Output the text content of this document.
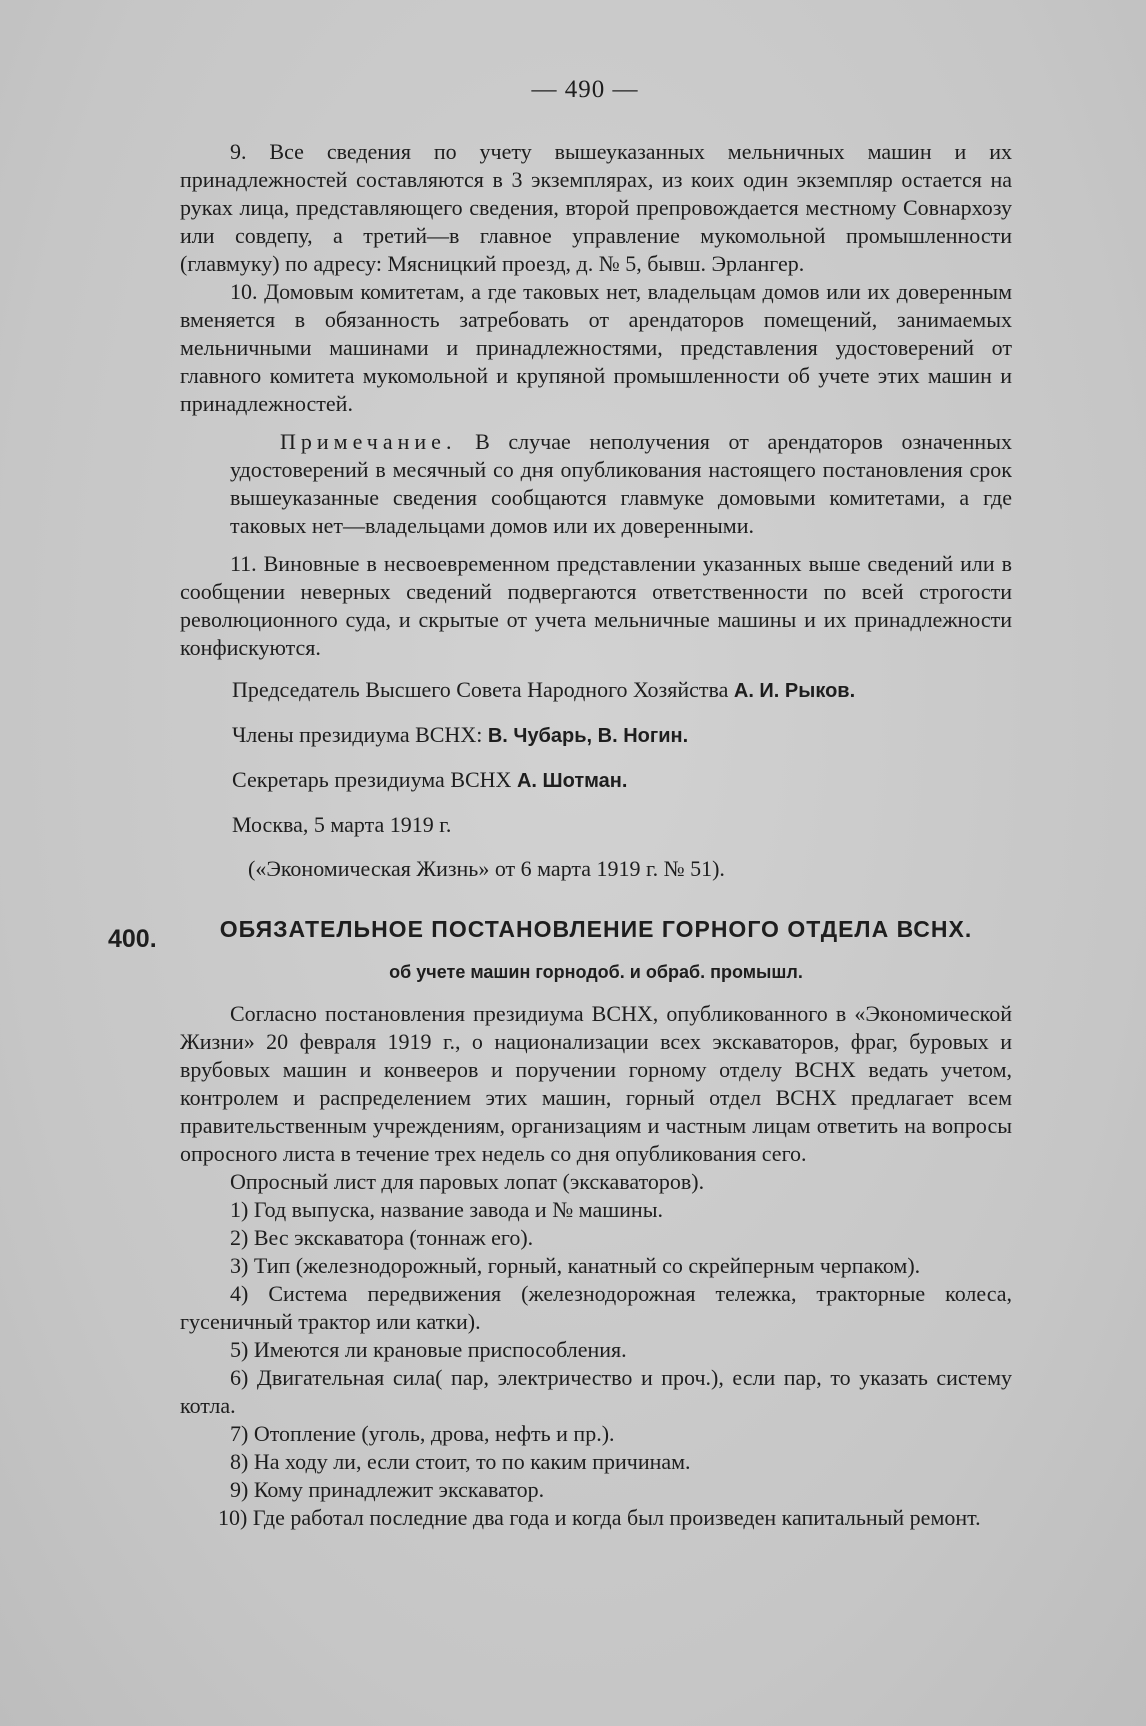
— 490 —

9. Все сведения по учету вышеуказанных мельничных машин и их принадлежностей составляются в 3 экземплярах, из коих один экземпляр остается на руках лица, представляющего сведения, второй препровождается местному Совнархозу или совдепу, а третий—в главное управление мукомольной промышленности (главмуку) по адресу: Мясницкий проезд, д. № 5, бывш. Эрлангер.

10. Домовым комитетам, а где таковых нет, владельцам домов или их доверенным вменяется в обязанность затребовать от арендаторов помещений, занимаемых мельничными машинами и принадлежностями, представления удостоверений от главного комитета мукомольной и крупяной промышленности об учете этих машин и принадлежностей.

Примечание. В случае неполучения от арендаторов означенных удостоверений в месячный со дня опубликования настоящего постановления срок вышеуказанные сведения сообщаются главмуке домовыми комитетами, а где таковых нет—владельцами домов или их доверенными.

11. Виновные в несвоевременном представлении указанных выше сведений или в сообщении неверных сведений подвергаются ответственности по всей строгости революционного суда, и скрытые от учета мельничные машины и их принадлежности конфискуются.

Председатель Высшего Совета Народного Хозяйства А. И. Рыков.

Члены президиума ВСНХ: В. Чубарь, В. Ногин.

Секретарь президиума ВСНХ А. Шотман.

Москва, 5 марта 1919 г.

(«Экономическая Жизнь» от 6 марта 1919 г. № 51).

400.	ОБЯЗАТЕЛЬНОЕ ПОСТАНОВЛЕНИЕ ГОРНОГО ОТДЕЛА ВСНХ.
об учете машин горнодоб. и обраб. промышл.

Согласно постановления президиума ВСНХ, опубликованного в «Экономической Жизни» 20 февраля 1919 г., о национализации всех экскаваторов, фраг, буровых и врубовых машин и конвееров и поручении горному отделу ВСНХ ведать учетом, контролем и распределением этих машин, горный отдел ВСНХ предлагает всем правительственным учреждениям, организациям и частным лицам ответить на вопросы опросного листа в течение трех недель со дня опубликования сего.

Опросный лист для паровых лопат (экскаваторов).

1) Год выпуска, название завода и № машины.

2) Вес экскаватора (тоннаж его).

3) Тип (железнодорожный, горный, канатный со скрейперным черпаком).

4) Система передвижения (железнодорожная тележка, тракторные колеса, гусеничный трактор или катки).

5) Имеются ли крановые приспособления.

6) Двигательная сила( пар, электричество и проч.), если пар, то указать систему котла.

7) Отопление (уголь, дрова, нефть и пр.).

8) На ходу ли, если стоит, то по каким причинам.

9) Кому принадлежит экскаватор.

10) Где работал последние два года и когда был произведен капитальный ремонт.
